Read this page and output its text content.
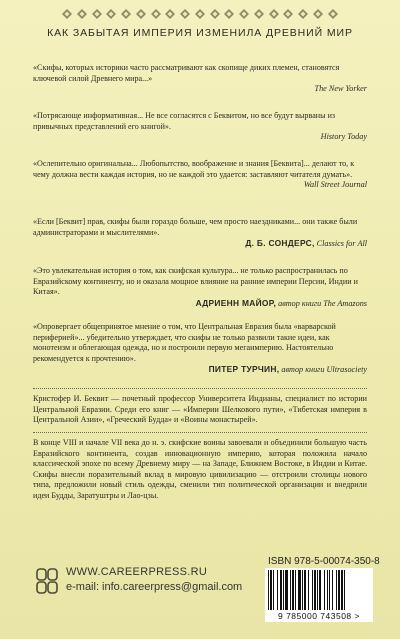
КАК ЗАБЫТАЯ ИМПЕРИЯ ИЗМЕНИЛА ДРЕВНИЙ МИР
«Скифы, которых историки часто рассматривают как скопище диких племен, становятся ключевой силой Древнего мира...»
The New Yorker
«Потрясающе информативная... Не все согласятся с Беквитом, но все будут вырваны из привычных представлений его книгой».
History Today
«Ослепительно оригинальна... Любопытство, воображение и знания [Беквита]... делают то, к чему должна вести каждая история, но не каждой это удается: заставляют читателя думать».
Wall Street Journal
«Если [Беквит] прав, скифы были гораздо больше, чем просто наездниками... они также были администраторами и мыслителями».
Д. Б. СОНДЕРС, Classics for All
«Это увлекательная история о том, как скифская культура... не только распространилась по Евразийскому континенту, но и оказала мощное влияние на ранние империи Персии, Индии и Китая».
АДРИЕНН МАЙОР, автор книги The Amazons
«Опровергает общепринятое мнение о том, что Центральная Евразия была «варварской периферией»... убедительно утверждает, что скифы не только развили такие идеи, как монотеизм и облегающая одежда, но и построили первую мегаимперию. Настоятельно рекомендуется к прочтению».
ПИТЕР ТУРЧИН, автор книги Ultrasociety
Кристофер И. Беквит — почетный профессор Университета Индианы, специалист по истории Центральной Евразии. Среди его книг — «Империи Шелкового пути», «Тибетская империя в Центральной Азии», «Греческий Будда» и «Воины монастырей».
В конце VIII и начале VII века до н. э. скифские воины завоевали и объединили большую часть Евразийского континента, создав инновационную империю, которая положила начало классической эпохе по всему Древнему миру — на Западе, Ближнем Востоке, в Индии и Китае. Скифы внесли поразительный вклад в мировую цивилизацию — отстроили столицы нового типа, предложили новый стиль одежды, сменили тип политической организации и внедрили идеи Будды, Заратуштры и Лао-цзы.
WWW.CAREERPRESS.RU
e-mail: info.careerpress@gmail.com
ISBN 978-5-00074-350-8
9 785000 743508 >
